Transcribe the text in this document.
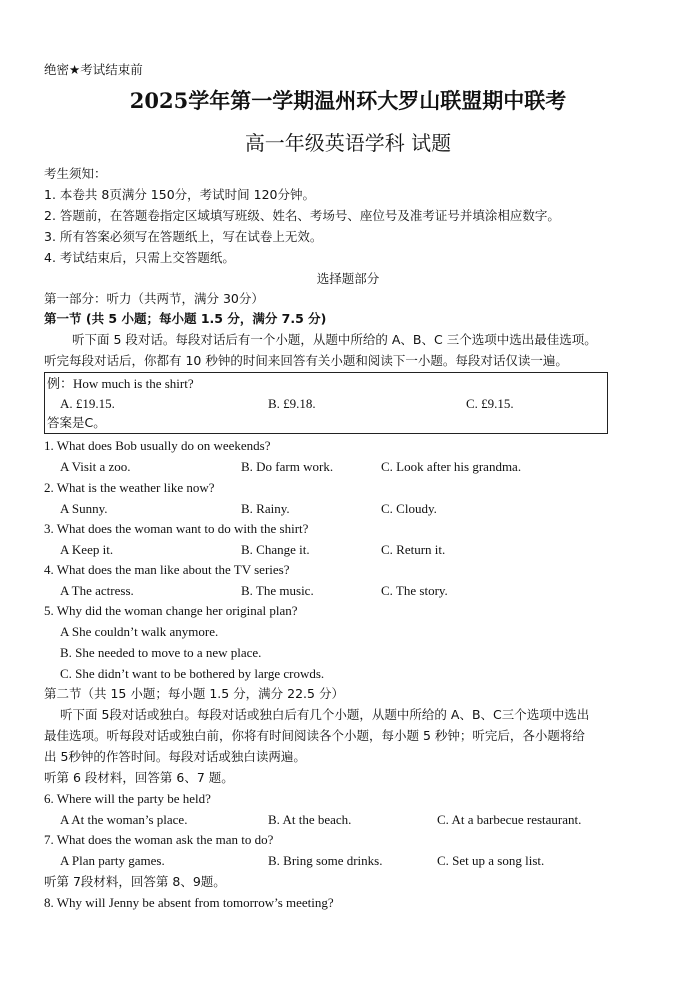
绝密★考试结束前
2025学年第一学期温州环大罗山联盟期中联考
高一年级英语学科 试题
考生须知：
1. 本卷共 8页满分 150分，考试时间 120分钟。
2. 答题前，在答题卷指定区域填写班级、姓名、考场号、座位号及准考证号并填涂相应数字。
3. 所有答案必须写在答题纸上，写在试卷上无效。
4. 考试结束后，只需上交答题纸。
选择题部分
第一部分：听力（共两节，满分 30分）
第一节 (共 5 小题；每小题 1.5 分，满分 7.5 分)
听下面 5 段对话。每段对话后有一个小题，从题中所给的 A、B、C 三个选项中选出最佳选项。
听完每段对话后，你都有 10 秒钟的时间来回答有关小题和阅读下一小题。每段对话仅读一遍。
例：How much is the shirt?
A. £19.15.	B. £9.18.	C. £9.15.
答案是C。
1. What does Bob usually do on weekends?
A Visit a zoo.	B. Do farm work.	C. Look after his grandma.
2. What is the weather like now?
A Sunny.	B. Rainy.	C. Cloudy.
3. What does the woman want to do with the shirt?
A Keep it.	B. Change it.	C. Return it.
4. What does the man like about the TV series?
A The actress.	B. The music.	C. The story.
5. Why did the woman change her original plan?
A She couldn’t walk anymore.
B. She needed to move to a new place.
C. She didn’t want to be bothered by large crowds.
第二节（共 15 小题；每小题 1.5 分，满分 22.5 分）
听下面 5段对话或独白。每段对话或独白后有几个小题，从题中所给的 A、B、C三个选项中选出
最佳选项。听每段对话或独白前，你将有时间阅读各个小题，每小题 5 秒钟；听完后，各小题将给
出 5秒钟的作答时间。每段对话或独白读两遍。
听第 6 段材料，回答第 6、7 题。
6. Where will the party be held?
A At the woman’s place.	B. At the beach.	C. At a barbecue restaurant.
7. What does the woman ask the man to do?
A Plan party games.	B. Bring some drinks.	C. Set up a song list.
听第 7段材料，回答第 8、9题。
8. Why will Jenny be absent from tomorrow’s meeting?
